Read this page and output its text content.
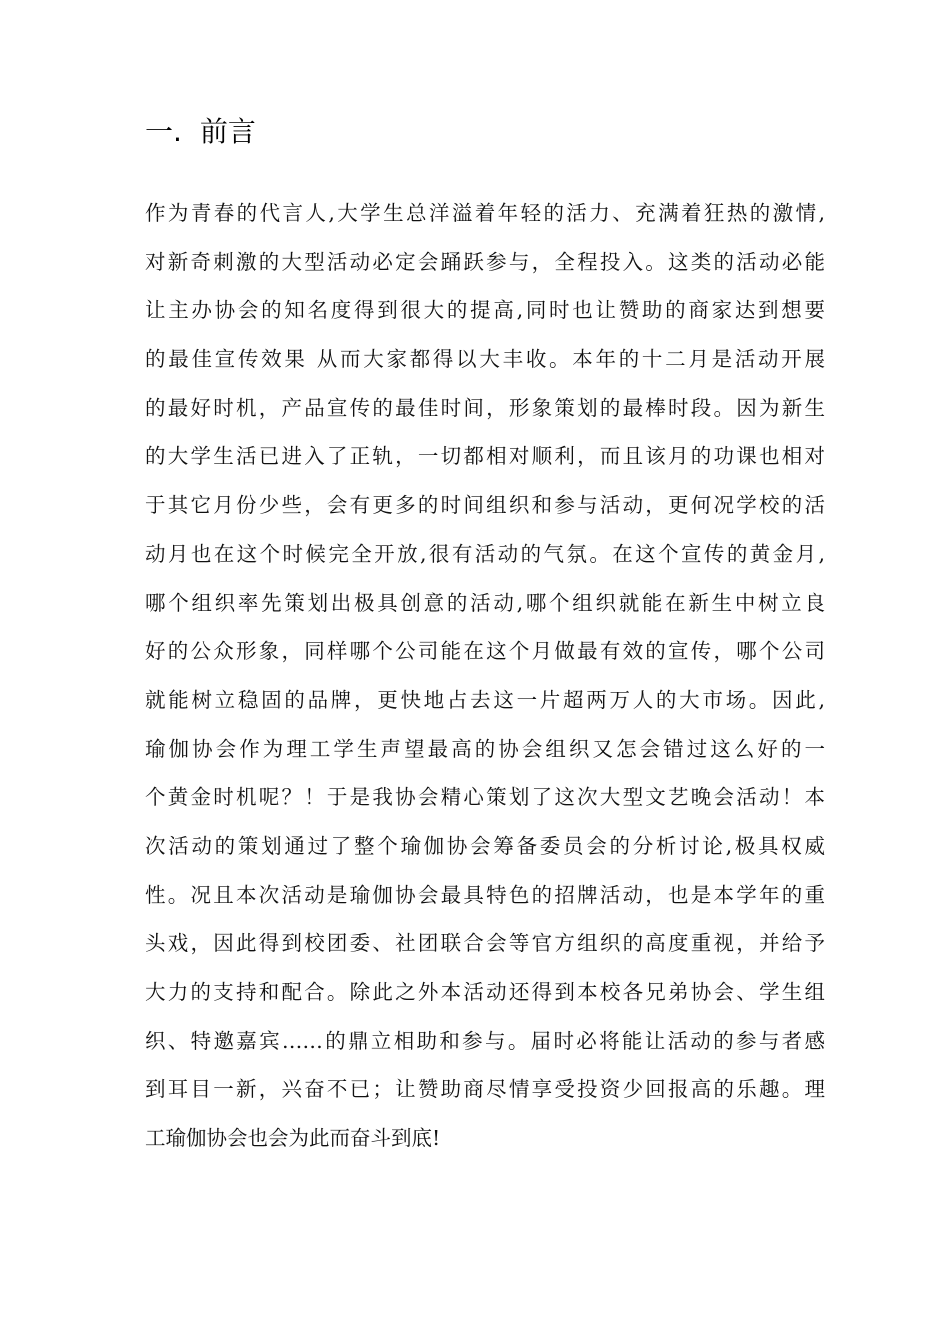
一. 前言
作为青春的代言人,大学生总洋溢着年轻的活力、充满着狂热的激情,
对新奇刺激的大型活动必定会踊跃参与，全程投入。这类的活动必能
让主办协会的知名度得到很大的提高,同时也让赞助的商家达到想要
的最佳宣传效果 从而大家都得以大丰收。本年的十二月是活动开展
的最好时机，产品宣传的最佳时间，形象策划的最棒时段。因为新生
的大学生活已进入了正轨，一切都相对顺利，而且该月的功课也相对
于其它月份少些，会有更多的时间组织和参与活动，更何况学校的活
动月也在这个时候完全开放,很有活动的气氛。在这个宣传的黄金月,
哪个组织率先策划出极具创意的活动,哪个组织就能在新生中树立良
好的公众形象，同样哪个公司能在这个月做最有效的宣传，哪个公司
就能树立稳固的品牌，更快地占去这一片超两万人的大市场。因此,
瑜伽协会作为理工学生声望最高的协会组织又怎会错过这么好的一
个黄金时机呢？！于是我协会精心策划了这次大型文艺晚会活动！本
次活动的策划通过了整个瑜伽协会筹备委员会的分析讨论,极具权威
性。况且本次活动是瑜伽协会最具特色的招牌活动，也是本学年的重
头戏，因此得到校团委、社团联合会等官方组织的高度重视，并给予
大力的支持和配合。除此之外本活动还得到本校各兄弟协会、学生组
织、特邀嘉宾……的鼎立相助和参与。届时必将能让活动的参与者感
到耳目一新，兴奋不已；让赞助商尽情享受投资少回报高的乐趣。理
工瑜伽协会也会为此而奋斗到底!
